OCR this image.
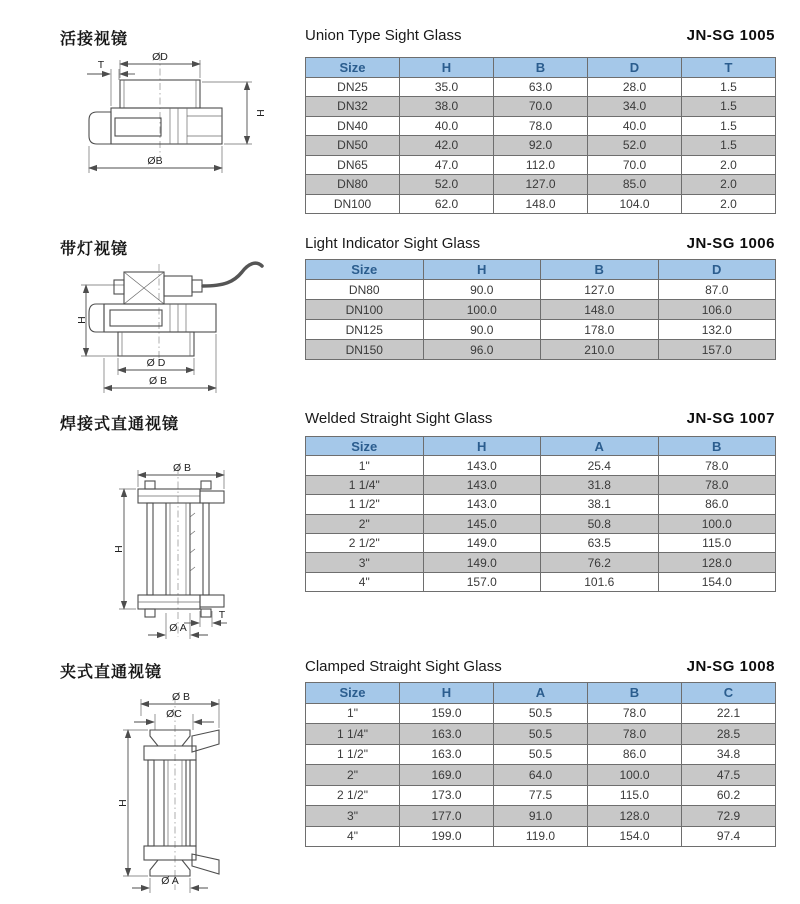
活接视镜	Union Type Sight Glass	JN-SG 1005
ØD
T
H
ØB
Size	H	B	D	T
DN25	35.0	63.0	28.0	1.5
DN32	38.0	70.0	34.0	1.5
DN40	40.0	78.0	40.0	1.5
DN50	42.0	92.0	52.0	1.5
DN65	47.0	112.0	70.0	2.0
DN80	52.0	127.0	85.0	2.0
DN100	62.0	148.0	104.0	2.0
带灯视镜	Light Indicator Sight Glass	JN-SG 1006
H
Ø D
Ø B
Size	H	B	D
DN80	90.0	127.0	87.0
DN100	100.0	148.0	106.0
DN125	90.0	178.0	132.0
DN150	96.0	210.0	157.0
焊接式直通视镜	Welded Straight Sight Glass	JN-SG 1007
Ø B
H
T
Ø A
Size	H	A	B
1"	143.0	25.4	78.0
1 1/4"	143.0	31.8	78.0
1 1/2"	143.0	38.1	86.0
2"	145.0	50.8	100.0
2 1/2"	149.0	63.5	115.0
3"	149.0	76.2	128.0
4"	157.0	101.6	154.0
夹式直通视镜	Clamped Straight Sight Glass	JN-SG 1008
Ø B
ØC
H
Ø A
Size	H	A	B	C
1"	159.0	50.5	78.0	22.1
1 1/4"	163.0	50.5	78.0	28.5
1 1/2"	163.0	50.5	86.0	34.8
2"	169.0	64.0	100.0	47.5
2 1/2"	173.0	77.5	115.0	60.2
3"	177.0	91.0	128.0	72.9
4"	199.0	119.0	154.0	97.4
